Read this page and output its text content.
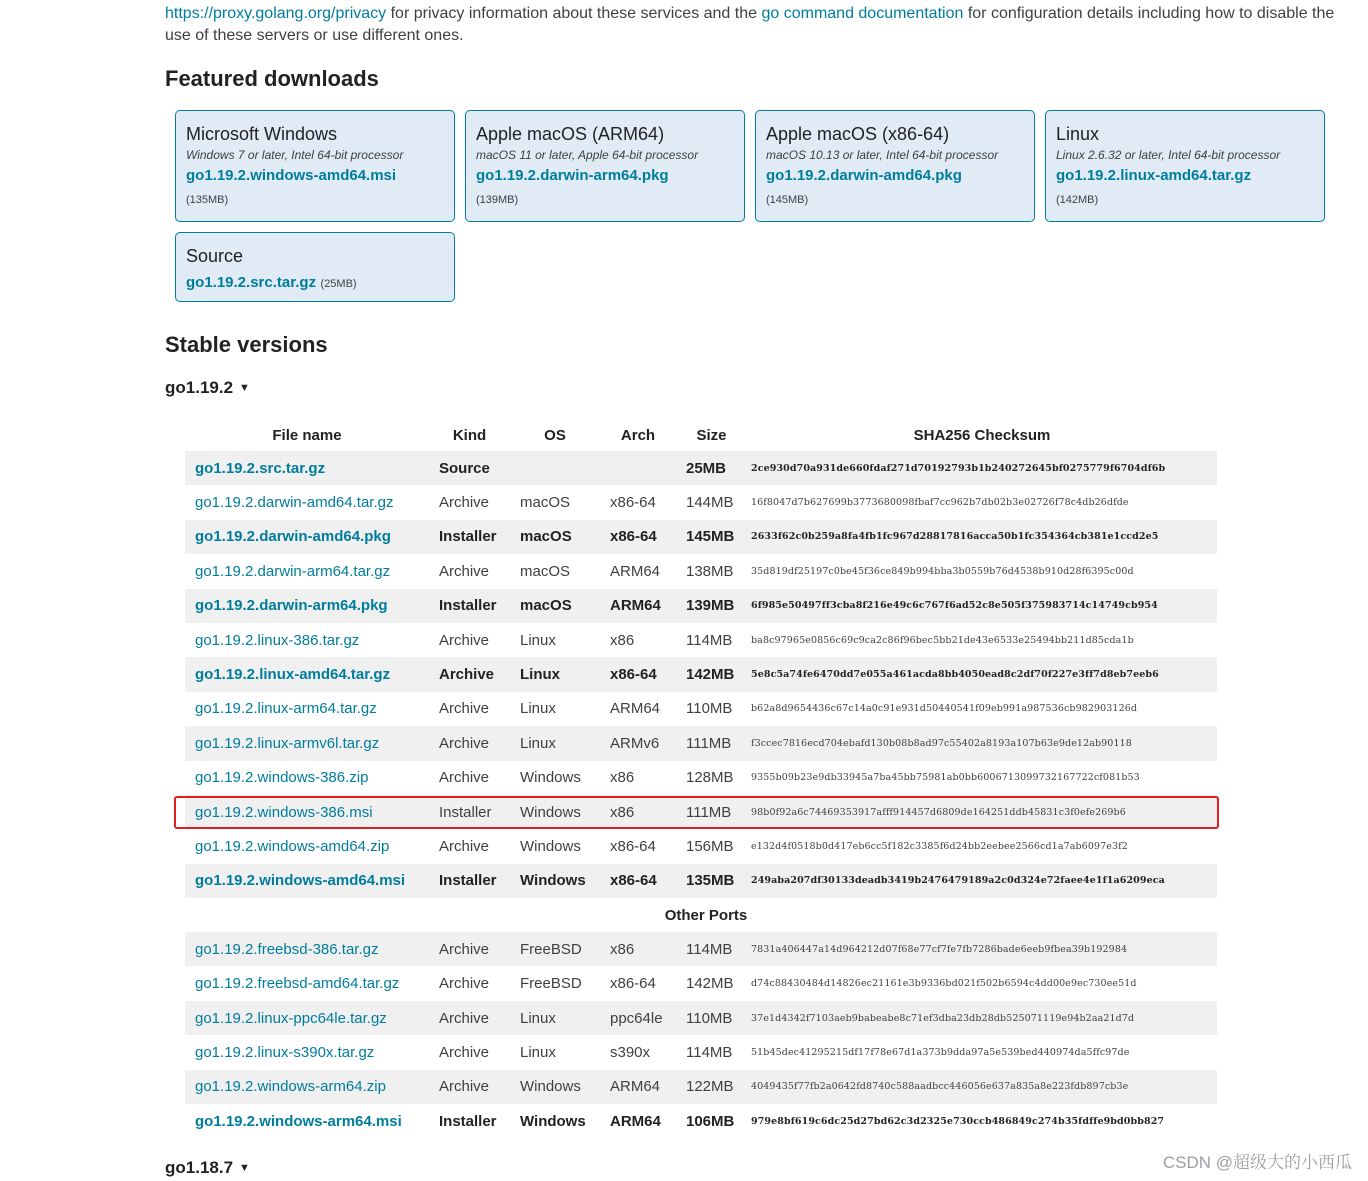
https://proxy.golang.org/privacy for privacy information about these services and the go command documentation for configuration details including how to disable the use of these servers or use different ones.
Featured downloads
Microsoft Windows
Windows 7 or later, Intel 64-bit processor
go1.19.2.windows-amd64.msi
(135MB)
Apple macOS (ARM64)
macOS 11 or later, Apple 64-bit processor
go1.19.2.darwin-arm64.pkg
(139MB)
Apple macOS (x86-64)
macOS 10.13 or later, Intel 64-bit processor
go1.19.2.darwin-amd64.pkg
(145MB)
Linux
Linux 2.6.32 or later, Intel 64-bit processor
go1.19.2.linux-amd64.tar.gz
(142MB)
Source
go1.19.2.src.tar.gz (25MB)
Stable versions
go1.19.2 ▼
File name	Kind	OS	Arch	Size	SHA256 Checksum
go1.19.2.src.tar.gz	Source			25MB	2ce930d70a931de660fdaf271d70192793b1b240272645bf0275779f6704df6b
go1.19.2.darwin-amd64.tar.gz	Archive	macOS	x86-64	144MB	16f8047d7b627699b3773680098fbaf7cc962b7db02b3e02726f78c4db26dfde
go1.19.2.darwin-amd64.pkg	Installer	macOS	x86-64	145MB	2633f62c0b259a8fa4fb1fc967d28817816acca50b1fc354364cb381e1ccd2e5
go1.19.2.darwin-arm64.tar.gz	Archive	macOS	ARM64	138MB	35d819df25197c0be45f36ce849b994bba3b0559b76d4538b910d28f6395c00d
go1.19.2.darwin-arm64.pkg	Installer	macOS	ARM64	139MB	6f985e50497ff3cba8f216e49c6c767f6ad52c8e505f375983714c14749cb954
go1.19.2.linux-386.tar.gz	Archive	Linux	x86	114MB	ba8c97965e0856c69c9ca2c86f96bec5bb21de43e6533e25494bb211d85cda1b
go1.19.2.linux-amd64.tar.gz	Archive	Linux	x86-64	142MB	5e8c5a74fe6470dd7e055a461acda8bb4050ead8c2df70f227e3ff7d8eb7eeb6
go1.19.2.linux-arm64.tar.gz	Archive	Linux	ARM64	110MB	b62a8d9654436c67c14a0c91e931d50440541f09eb991a987536cb982903126d
go1.19.2.linux-armv6l.tar.gz	Archive	Linux	ARMv6	111MB	f3ccec7816ecd704ebafd130b08b8ad97c55402a8193a107b63e9de12ab90118
go1.19.2.windows-386.zip	Archive	Windows	x86	128MB	9355b09b23e9db33945a7ba45bb75981ab0bb6006713099732167722cf081b53
go1.19.2.windows-386.msi	Installer	Windows	x86	111MB	98b0f92a6c74469353917afff914457d6809de164251ddb45831c3f0efe269b6
go1.19.2.windows-amd64.zip	Archive	Windows	x86-64	156MB	e132d4f0518b0d417eb6cc5f182c3385f6d24bb2eebee2566cd1a7ab6097e3f2
go1.19.2.windows-amd64.msi	Installer	Windows	x86-64	135MB	249aba207df30133deadb3419b2476479189a2c0d324e72faee4e1f1a6209eca
Other Ports					
go1.19.2.freebsd-386.tar.gz	Archive	FreeBSD	x86	114MB	7831a406447a14d964212d07f68e77cf7fe7fb7286bade6eeb9fbea39b192984
go1.19.2.freebsd-amd64.tar.gz	Archive	FreeBSD	x86-64	142MB	d74c88430484d14826ec21161e3b9336bd021f502b6594c4dd00e9ec730ee51d
go1.19.2.linux-ppc64le.tar.gz	Archive	Linux	ppc64le	110MB	37e1d4342f7103aeb9babeabe8c71ef3dba23db28db525071119e94b2aa21d7d
go1.19.2.linux-s390x.tar.gz	Archive	Linux	s390x	114MB	51b45dec41295215df17f78e67d1a373b9dda97a5e539bed440974da5ffc97de
go1.19.2.windows-arm64.zip	Archive	Windows	ARM64	122MB	4049435f77fb2a0642fd8740c588aadbcc446056e637a835a8e223fdb897cb3e
go1.19.2.windows-arm64.msi	Installer	Windows	ARM64	106MB	979e8bf619c6dc25d27bd62c3d2325e730ccb486849c274b35fdffe9bd0bb827
go1.18.7 ▼	CSDN @超级大的小西瓜
